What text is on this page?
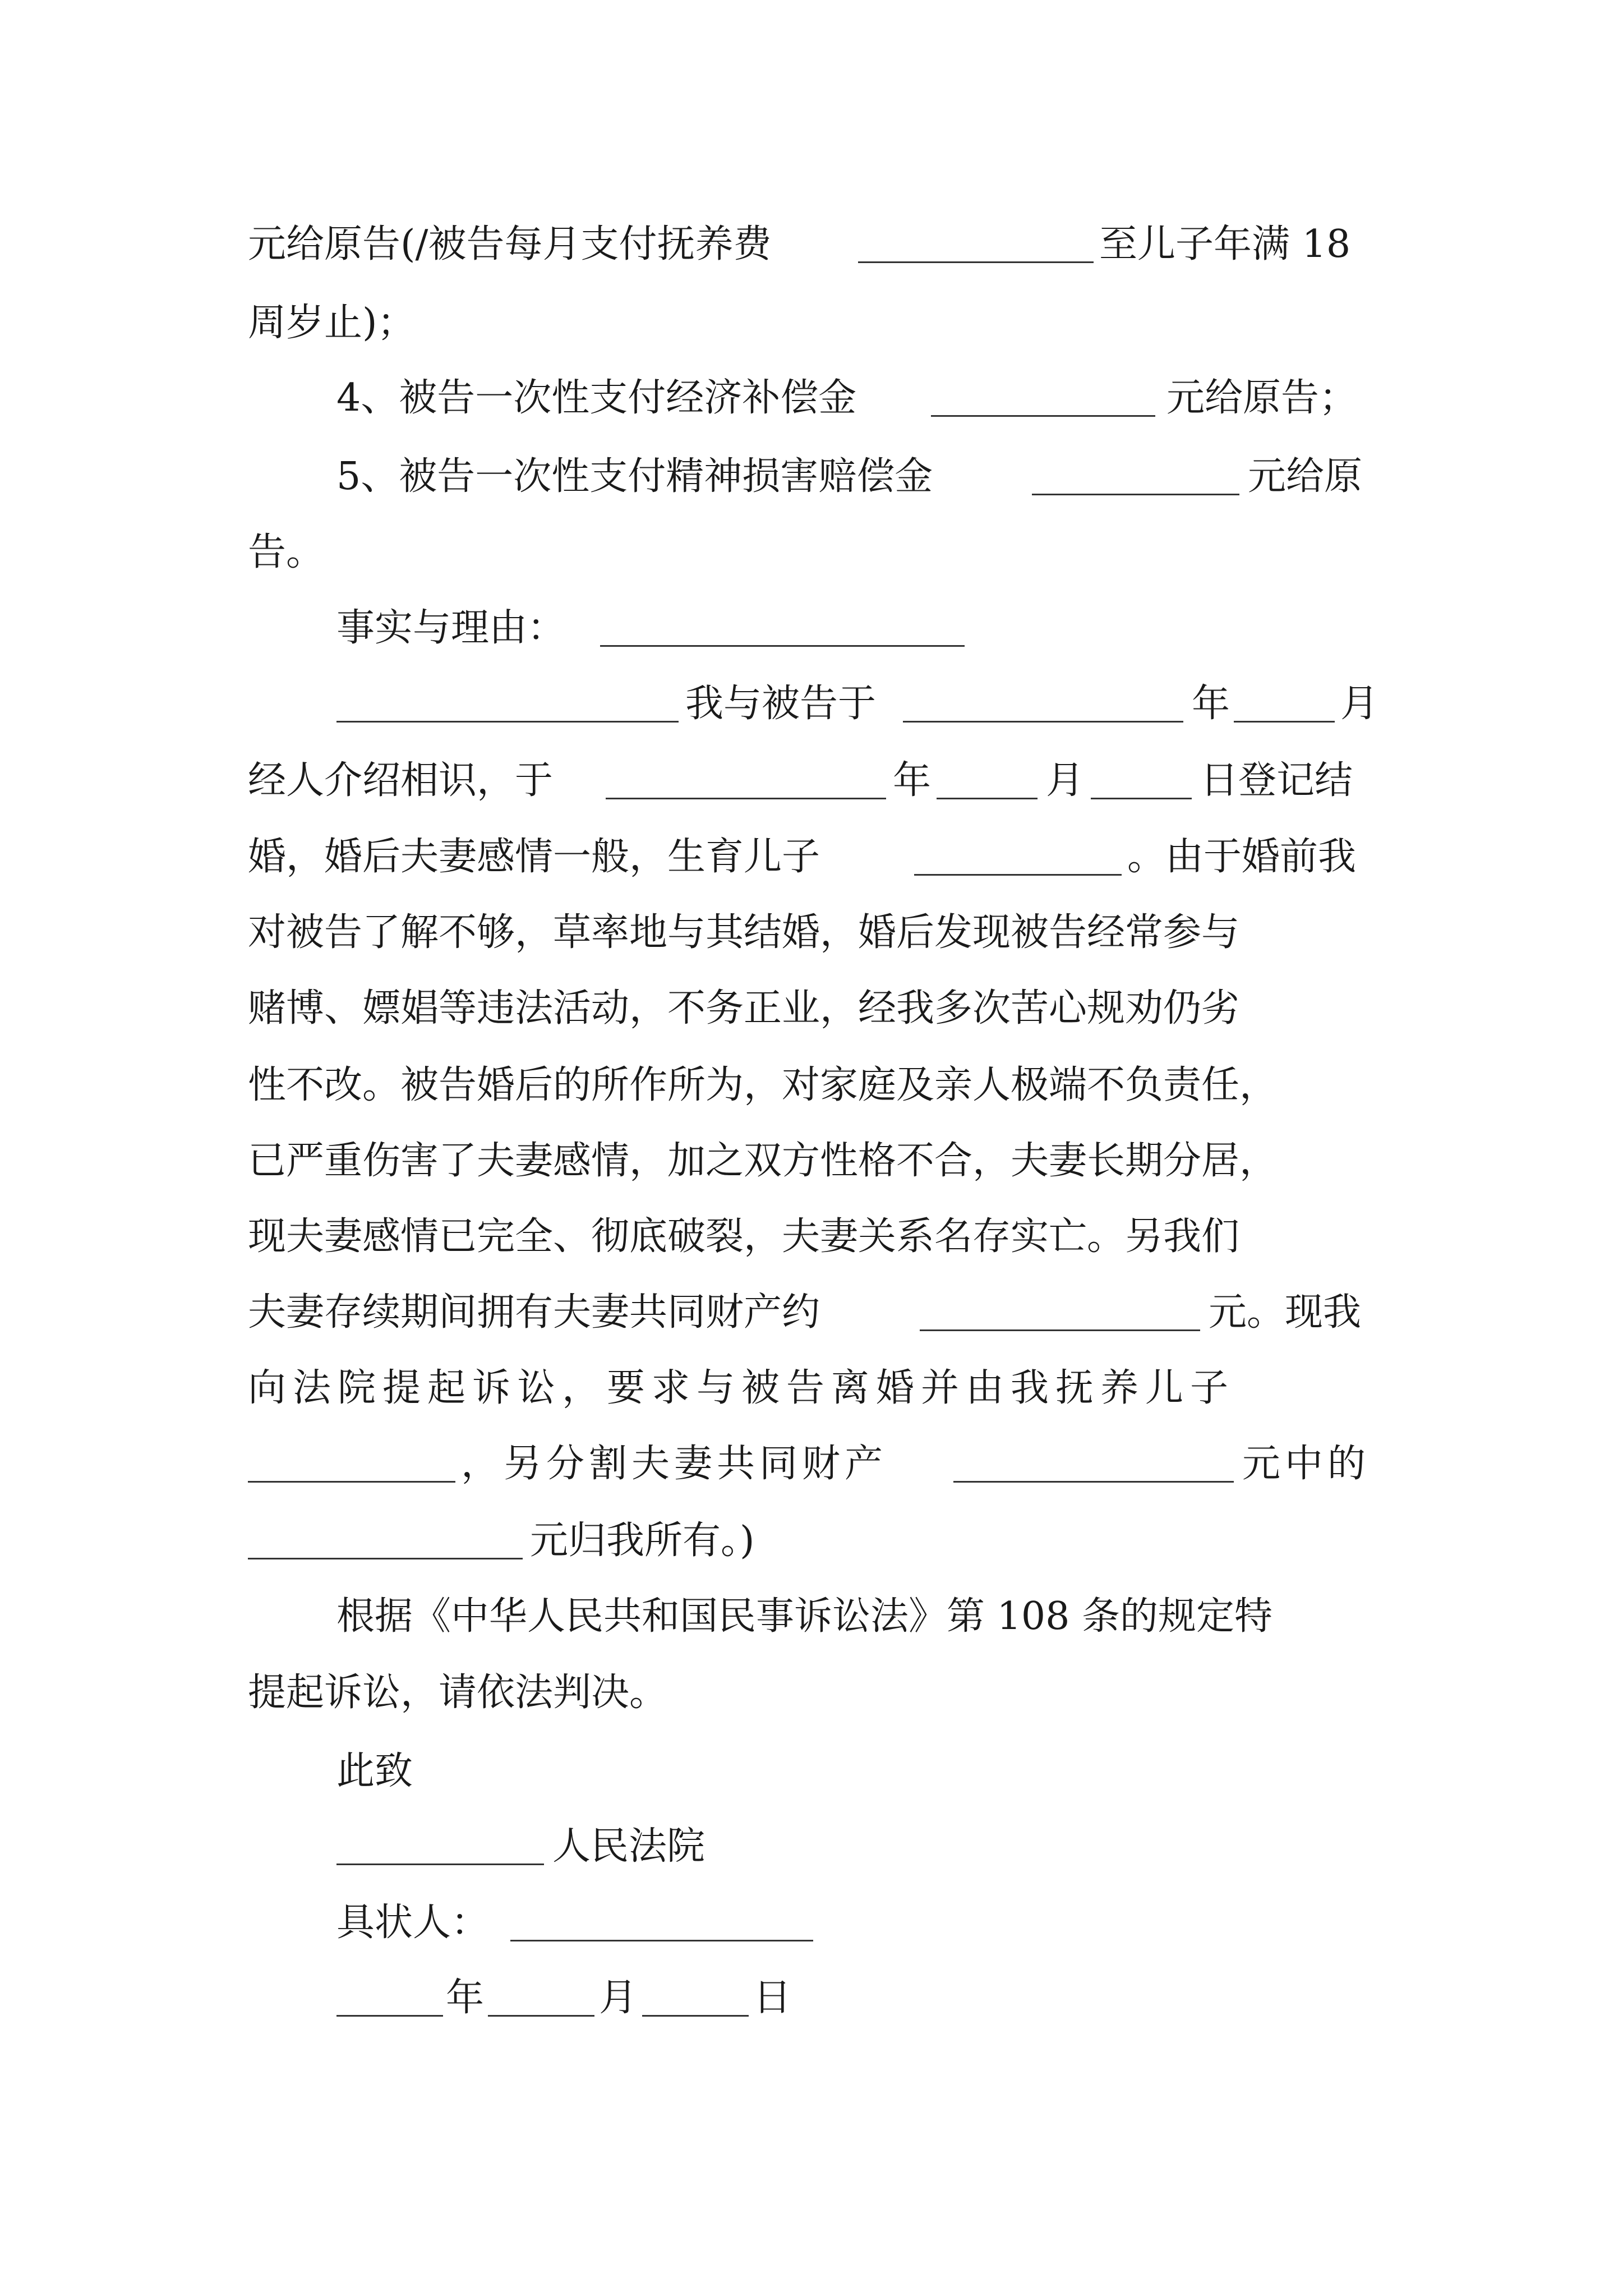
元给原告(/被告每月支付抚养费	至儿子年满 18
周岁止)；
4、被告一次性支付经济补偿金	元给原告；
5、被告一次性支付精神损害赔偿金	元给原
告。
事实与理由：
我与被告于	年	月
经人介绍相识，于	年	月	日登记结
婚，婚后夫妻感情一般，生育儿子	。由于婚前我
对被告了解不够，草率地与其结婚，婚后发现被告经常参与
赌博、嫖娼等违法活动，不务正业，经我多次苦心规劝仍劣
性不改。被告婚后的所作所为，对家庭及亲人极端不负责任，
已严重伤害了夫妻感情，加之双方性格不合，夫妻长期分居，
现夫妻感情已完全、彻底破裂，夫妻关系名存实亡。另我们
夫妻存续期间拥有夫妻共同财产约	元。现我
向法院提起诉讼，要求与被告离婚并由我抚养儿子
，另分割夫妻共同财产	元中的
元归我所有。)
根据《中华人民共和国民事诉讼法》第 108 条的规定特
提起诉讼，请依法判决。
此致
人民法院
具状人：
年	月	日
